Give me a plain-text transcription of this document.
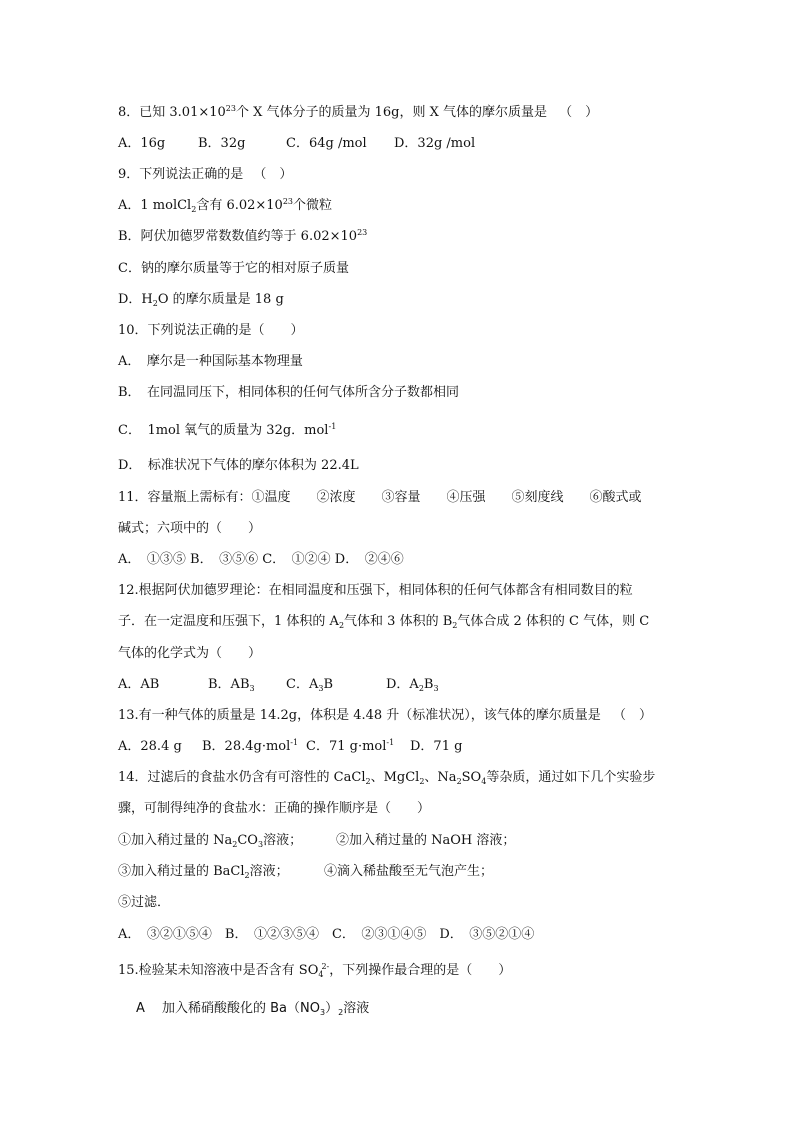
8．已知 $3.01\times 10^{23}$个 X 气体分子的质量为 16g，则 X 气体的摩尔质量是 （　）
A．16g	B．32g	C．64g /mol D．32g /mol
9．下列说法正确的是 （　）
A．1 molCl$_2$含有 $6.02\times 10^{23}$个微粒
B．阿伏加德罗常数数值约等于 $6.02\times 10^{23}$
C．钠的摩尔质量等于它的相对原子质量
D．$H_2O$ 的摩尔质量是 18 g
10．下列说法正确的是（　　）
A．　摩尔是一种国际基本物理量
B．　在同温同压下，相同体积的任何气体所含分子数都相同
C．　1mol 氧气的质量为 32g．mol$^{-1}$
D．　标准状况下气体的摩尔体积为 22.4L
11．容量瓶上需标有：①温度　　②浓度　　③容量　　④压强　　⑤刻度线　　⑥酸式或
碱式；六项中的（　　）
A．　①③⑤ B．　③⑤⑥ C．　①②④ D．　②④⑥
12.根据阿伏加德罗理论：在相同温度和压强下，相同体积的任何气体都含有相同数目的粒
子．在一定温度和压强下，1 体积的 $A_2$气体和 3 体积的 $B_2$气体合成 2 体积的 C 气体，则 C
气体的化学式为（　　）
A．AB	B．$AB_3$ C．$A_3B$	D．$A_2B_3$
13.有一种气体的质量是 14.2g，体积是 4.48 升（标准状况），该气体的摩尔质量是 （　）
A．28.4 g B．28.4g·mol$^{-1}$ C．71 g·mol$^{-1}$ D．71 g
14．过滤后的食盐水仍含有可溶性的 CaCl$_2$、MgCl$_2$、$Na_2SO_4$等杂质，通过如下几个实验步
骤，可制得纯净的食盐水：正确的操作顺序是（　　）
①加入稍过量的 $Na_2CO_3$溶液；	②加入稍过量的 NaOH 溶液；
③加入稍过量的 BaCl$_2$溶液；	④滴入稀盐酸至无气泡产生；
⑤过滤．
A．　③②①⑤④　B．　①②③⑤④　C．　②③①④⑤　D．　③⑤②①④
15.检验某未知溶液中是否含有 $SO_4^{2-}$，下列操作最合理的是（　　）
A 加入稀硝酸酸化的 $Ba(NO_3)_2$溶液
